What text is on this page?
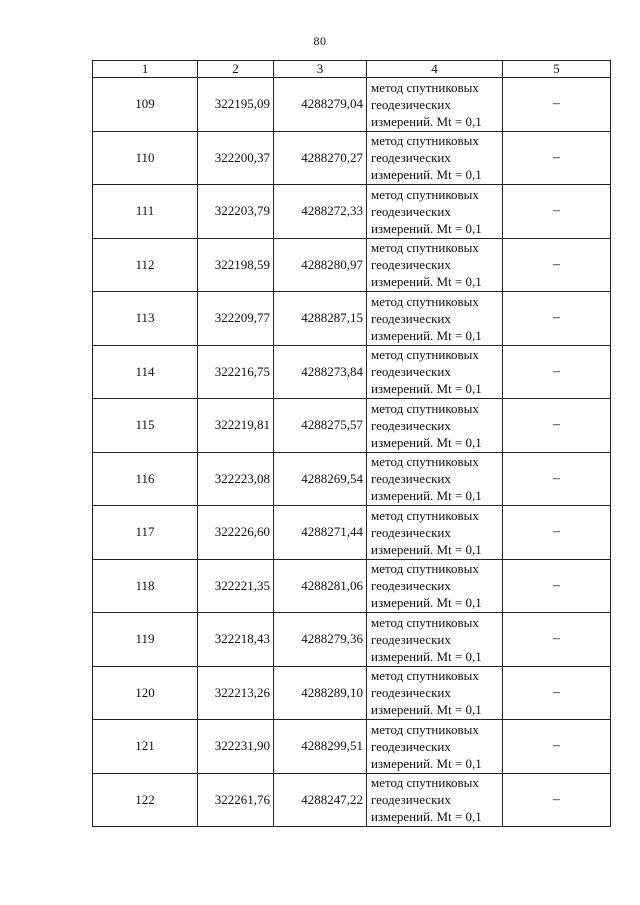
80
1	2	3	4	5
109	322195,09	4288279,04	метод спутниковых
геодезических
измерений. Mt = 0,1	–
110	322200,37	4288270,27	метод спутниковых
геодезических
измерений. Mt = 0,1	–
111	322203,79	4288272,33	метод спутниковых
геодезических
измерений. Mt = 0,1	–
112	322198,59	4288280,97	метод спутниковых
геодезических
измерений. Mt = 0,1	–
113	322209,77	4288287,15	метод спутниковых
геодезических
измерений. Mt = 0,1	–
114	322216,75	4288273,84	метод спутниковых
геодезических
измерений. Mt = 0,1	–
115	322219,81	4288275,57	метод спутниковых
геодезических
измерений. Mt = 0,1	–
116	322223,08	4288269,54	метод спутниковых
геодезических
измерений. Mt = 0,1	–
117	322226,60	4288271,44	метод спутниковых
геодезических
измерений. Mt = 0,1	–
118	322221,35	4288281,06	метод спутниковых
геодезических
измерений. Mt = 0,1	–
119	322218,43	4288279,36	метод спутниковых
геодезических
измерений. Mt = 0,1	–
120	322213,26	4288289,10	метод спутниковых
геодезических
измерений. Mt = 0,1	–
121	322231,90	4288299,51	метод спутниковых
геодезических
измерений. Mt = 0,1	–
122	322261,76	4288247,22	метод спутниковых
геодезических
измерений. Mt = 0,1	–
